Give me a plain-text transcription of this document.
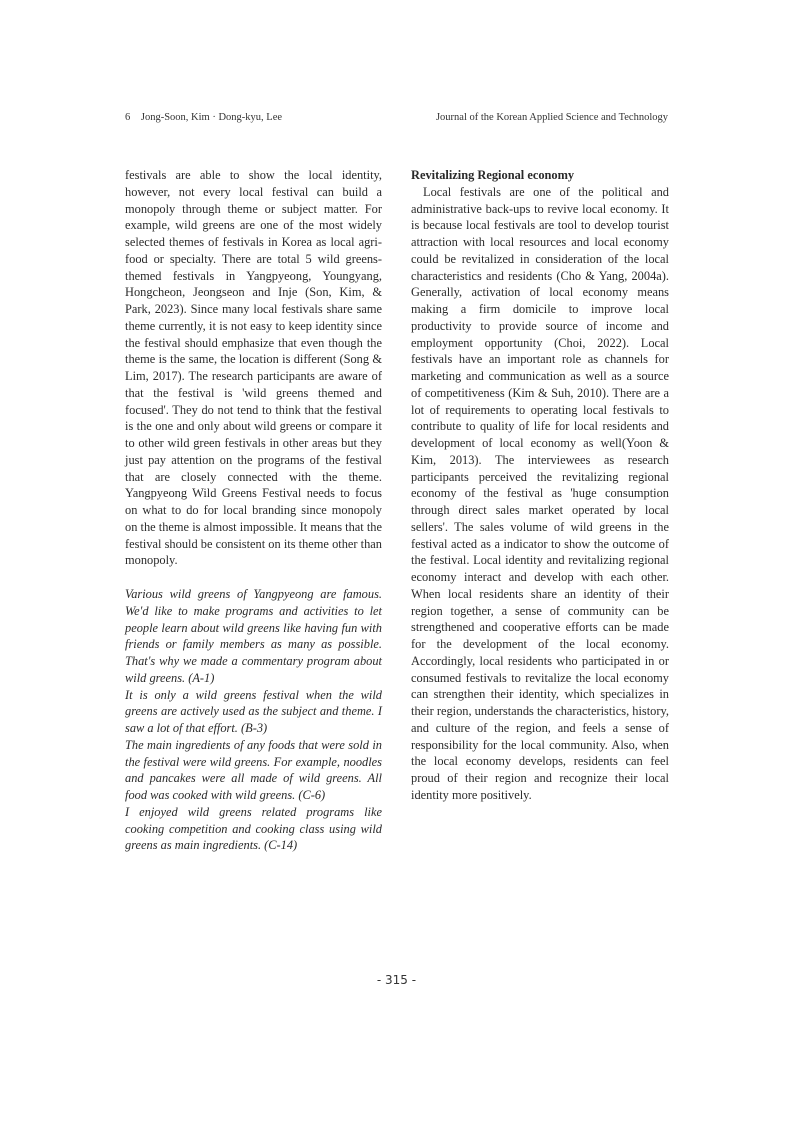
6 Jong-Soon, Kim · Dong-kyu, Lee	Journal of the Korean Applied Science and Technology

festivals are able to show the local identity, however, not every local festival can build a monopoly through theme or subject matter. For example, wild greens are one of the most widely selected themes of festivals in Korea as local agri-food or specialty. There are total 5 wild greens-themed festivals in Yangpyeong, Youngyang, Hongcheon, Jeongseon and Inje (Son, Kim, & Park, 2023). Since many local festivals share same theme currently, it is not easy to keep identity since the festival should emphasize that even though the theme is the same, the location is different (Song & Lim, 2017). The research participants are aware of that the festival is 'wild greens themed and focused'. They do not tend to think that the festival is the one and only about wild greens or compare it to other wild green festivals in other areas but they just pay attention on the programs of the festival that are closely connected with the theme. Yangpyeong Wild Greens Festival needs to focus on what to do for local branding since monopoly on the theme is almost impossible. It means that the festival should be consistent on its theme other than monopoly.

Various wild greens of Yangpyeong are famous. We'd like to make programs and activities to let people learn about wild greens like having fun with friends or family members as many as possible. That's why we made a commentary program about wild greens. (A-1)

It is only a wild greens festival when the wild greens are actively used as the subject and theme. I saw a lot of that effort. (B-3)

The main ingredients of any foods that were sold in the festival were wild greens. For example, noodles and pancakes were all made of wild greens. All food was cooked with wild greens. (C-6)

I enjoyed wild greens related programs like cooking competition and cooking class using wild greens as main ingredients. (C-14)

Revitalizing Regional economy

Local festivals are one of the political and administrative back-ups to revive local economy. It is because local festivals are tool to develop tourist attraction with local resources and local economy could be revitalized in consideration of the local characteristics and residents (Cho & Yang, 2004a). Generally, activation of local economy means making a firm domicile to improve local productivity to provide source of income and employment opportunity (Choi, 2022). Local festivals have an important role as channels for marketing and communication as well as a source of competitiveness (Kim & Suh, 2010). There are a lot of requirements to operating local festivals to contribute to quality of life for local residents and development of local economy as well(Yoon & Kim, 2013). The interviewees as research participants perceived the revitalizing regional economy of the festival as 'huge consumption through direct sales market operated by local sellers'. The sales volume of wild greens in the festival acted as a indicator to show the outcome of the festival. Local identity and revitalizing regional economy interact and develop with each other. When local residents share an identity of their region together, a sense of community can be strengthened and cooperative efforts can be made for the development of the local economy. Accordingly, local residents who participated in or consumed festivals to revitalize the local economy can strengthen their identity, which specializes in their region, understands the characteristics, history, and culture of the region, and feels a sense of responsibility for the local community. Also, when the local economy develops, residents can feel proud of their region and recognize their local identity more positively.

- 315 -
